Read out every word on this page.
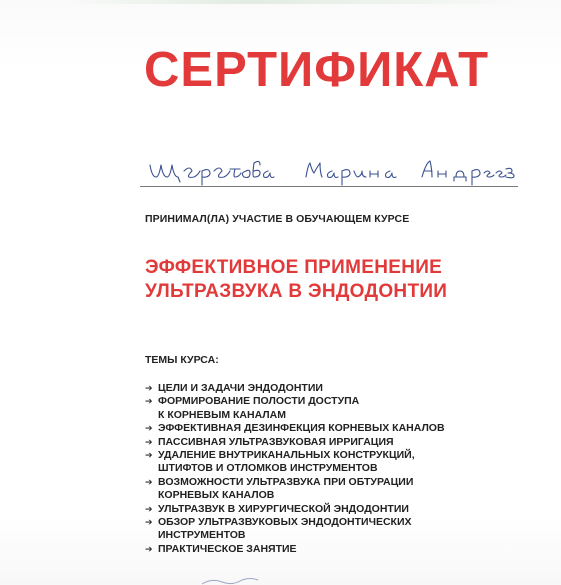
СЕРТИФИКАТ
ПРИНИМАЛ(ЛА) УЧАСТИЕ В ОБУЧАЮЩЕМ КУРСЕ
ЭФФЕКТИВНОЕ ПРИМЕНЕНИЕ
УЛЬТРАЗВУКА В ЭНДОДОНТИИ
ТЕМЫ КУРСА:
➔ ЦЕЛИ И ЗАДАЧИ ЭНДОДОНТИИ
➔ ФОРМИРОВАНИЕ ПОЛОСТИ ДОСТУПА
К КОРНЕВЫМ КАНАЛАМ
➔ ЭФФЕКТИВНАЯ ДЕЗИНФЕКЦИЯ КОРНЕВЫХ КАНАЛОВ
➔ ПАССИВНАЯ УЛЬТРАЗВУКОВАЯ ИРРИГАЦИЯ
➔ УДАЛЕНИЕ ВНУТРИКАНАЛЬНЫХ КОНСТРУКЦИЙ,
ШТИФТОВ И ОТЛОМКОВ ИНСТРУМЕНТОВ
➔ ВОЗМОЖНОСТИ УЛЬТРАЗВУКА ПРИ ОБТУРАЦИИ
КОРНЕВЫХ КАНАЛОВ
➔ УЛЬТРАЗВУК В ХИРУРГИЧЕСКОЙ ЭНДОДОНТИИ
➔ ОБЗОР УЛЬТРАЗВУКОВЫХ ЭНДОДОНТИЧЕСКИХ
ИНСТРУМЕНТОВ
➔ ПРАКТИЧЕСКОЕ ЗАНЯТИЕ
